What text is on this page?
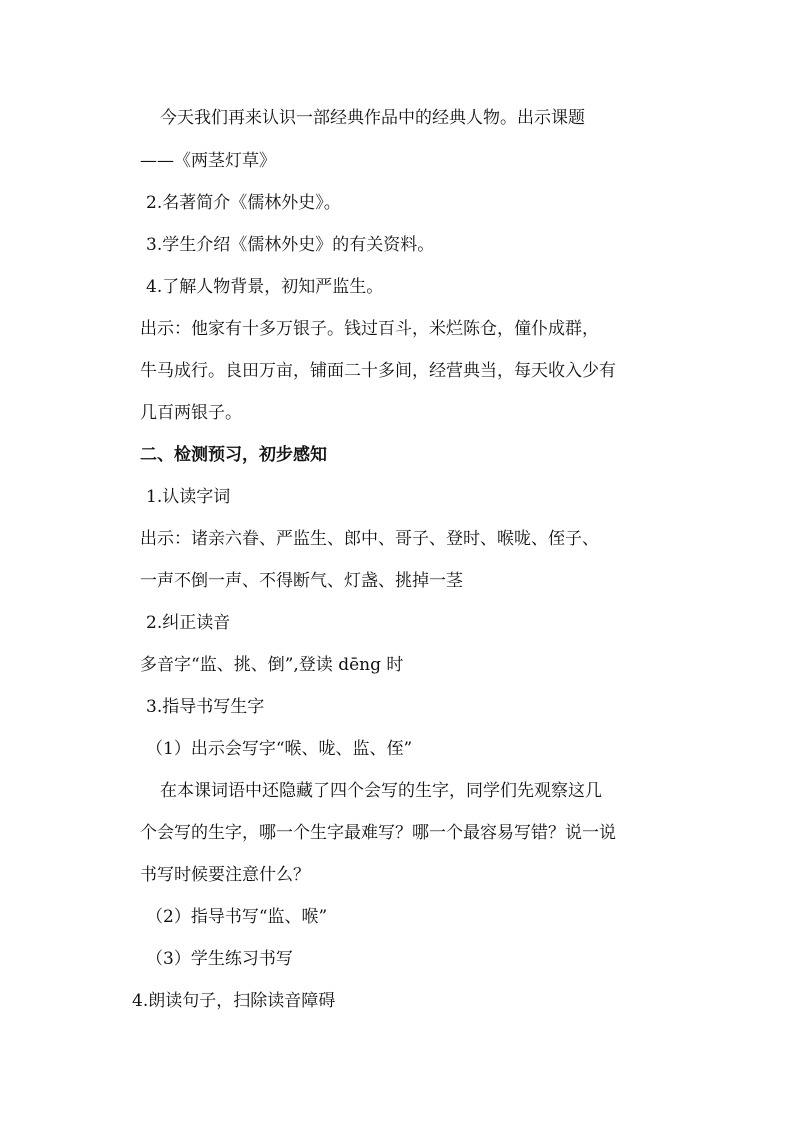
今天我们再来认识一部经典作品中的经典人物。出示课题
——《两茎灯草》
2.名著简介《儒林外史》。
3.学生介绍《儒林外史》的有关资料。
4.了解人物背景，初知严监生。
出示：他家有十多万银子。钱过百斗，米烂陈仓，僮仆成群，
牛马成行。良田万亩，铺面二十多间，经营典当，每天收入少有
几百两银子。
二、检测预习，初步感知
1.认读字词
出示：诸亲六眷、严监生、郎中、哥子、登时、喉咙、侄子、
一声不倒一声、不得断气、灯盏、挑掉一茎
2.纠正读音
多音字“监、挑、倒”,登读 dēng 时
3.指导书写生字
（1）出示会写字“喉、咙、监、侄”
在本课词语中还隐藏了四个会写的生字，同学们先观察这几
个会写的生字，哪一个生字最难写？哪一个最容易写错？说一说
书写时候要注意什么？
（2）指导书写“监、喉”
（3）学生练习书写
4.朗读句子，扫除读音障碍
